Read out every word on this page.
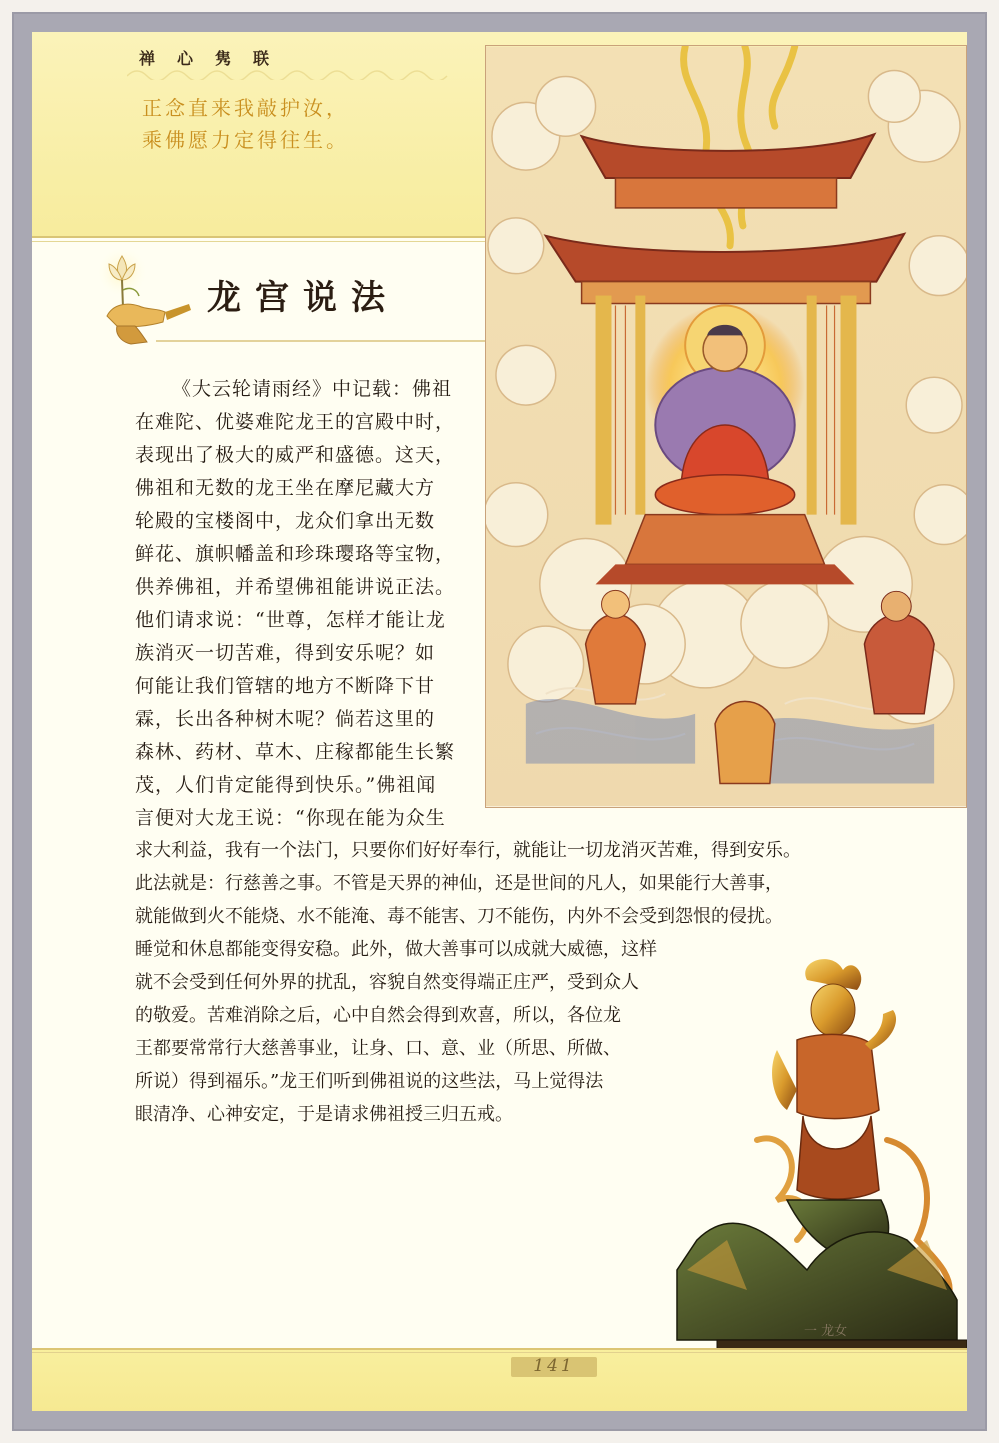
禅心隽联
正念直来我敲护汝，
乘佛愿力定得往生。
龙宫说法
《大云轮请雨经》中记载：佛祖
在难陀、优婆难陀龙王的宫殿中时，
表现出了极大的威严和盛德。这天，
佛祖和无数的龙王坐在摩尼藏大方
轮殿的宝楼阁中，龙众们拿出无数
鲜花、旗帜幡盖和珍珠璎珞等宝物，
供养佛祖，并希望佛祖能讲说正法。
他们请求说：“世尊，怎样才能让龙
族消灭一切苦难，得到安乐呢？如
何能让我们管辖的地方不断降下甘
霖，长出各种树木呢？倘若这里的
森林、药材、草木、庄稼都能生长繁
茂，人们肯定能得到快乐。”佛祖闻
言便对大龙王说：“你现在能为众生
求大利益，我有一个法门，只要你们好好奉行，就能让一切龙消灭苦难，得到安乐。
此法就是：行慈善之事。不管是天界的神仙，还是世间的凡人，如果能行大善事，
就能做到火不能烧、水不能淹、毒不能害、刀不能伤，内外不会受到怨恨的侵扰。
睡觉和休息都能变得安稳。此外，做大善事可以成就大威德，这样
就不会受到任何外界的扰乱，容貌自然变得端正庄严，受到众人
的敬爱。苦难消除之后，心中自然会得到欢喜，所以，各位龙
王都要常常行大慈善事业，让身、口、意、业（所思、所做、
所说）得到福乐。”龙王们听到佛祖说的这些法，马上觉得法
眼清净、心神安定，于是请求佛祖授三归五戒。
一 龙女
141
